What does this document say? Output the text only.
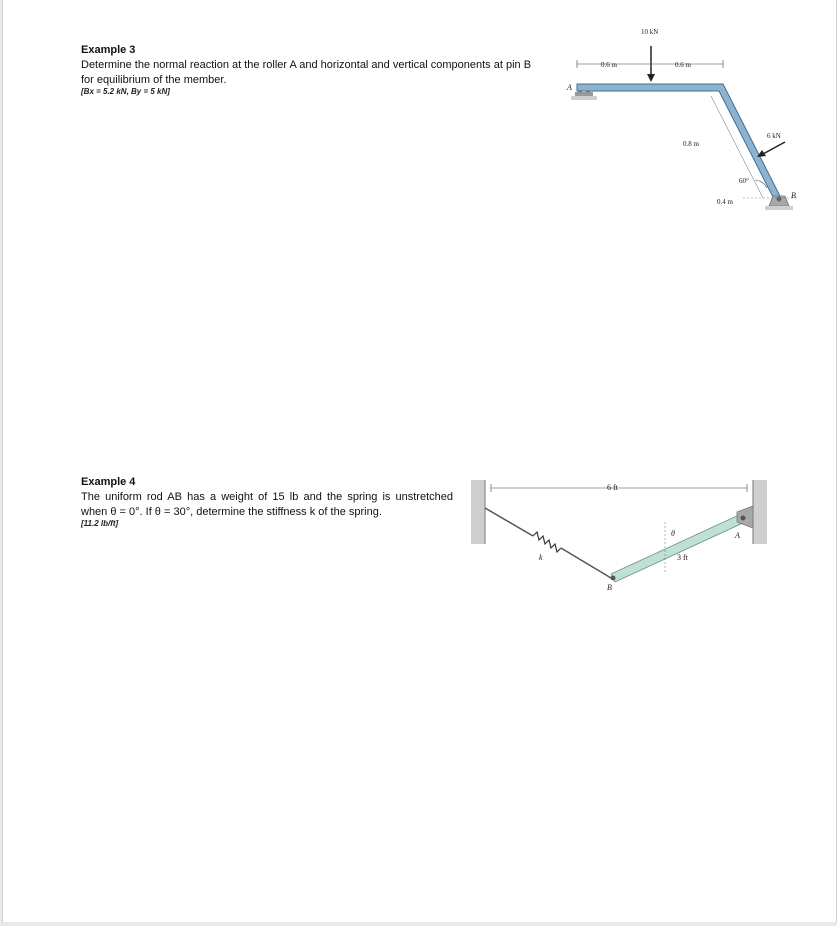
Example 3
Determine the normal reaction at the roller A and horizontal and vertical components at pin B for equilibrium of the member.
[Bx = 5.2 kN, By = 5 kN]
10 kN
0.6 m	0.6 m
0.8 m
0.4 m
60°
6 kN
A
B
Example 4
The uniform rod AB has a weight of 15 lb and the spring is unstretched when θ = 0°. If θ = 30°, determine the stiffness k of the spring.
[11.2 lb/ft]
6 ft
θ
3 ft
k
A
B
